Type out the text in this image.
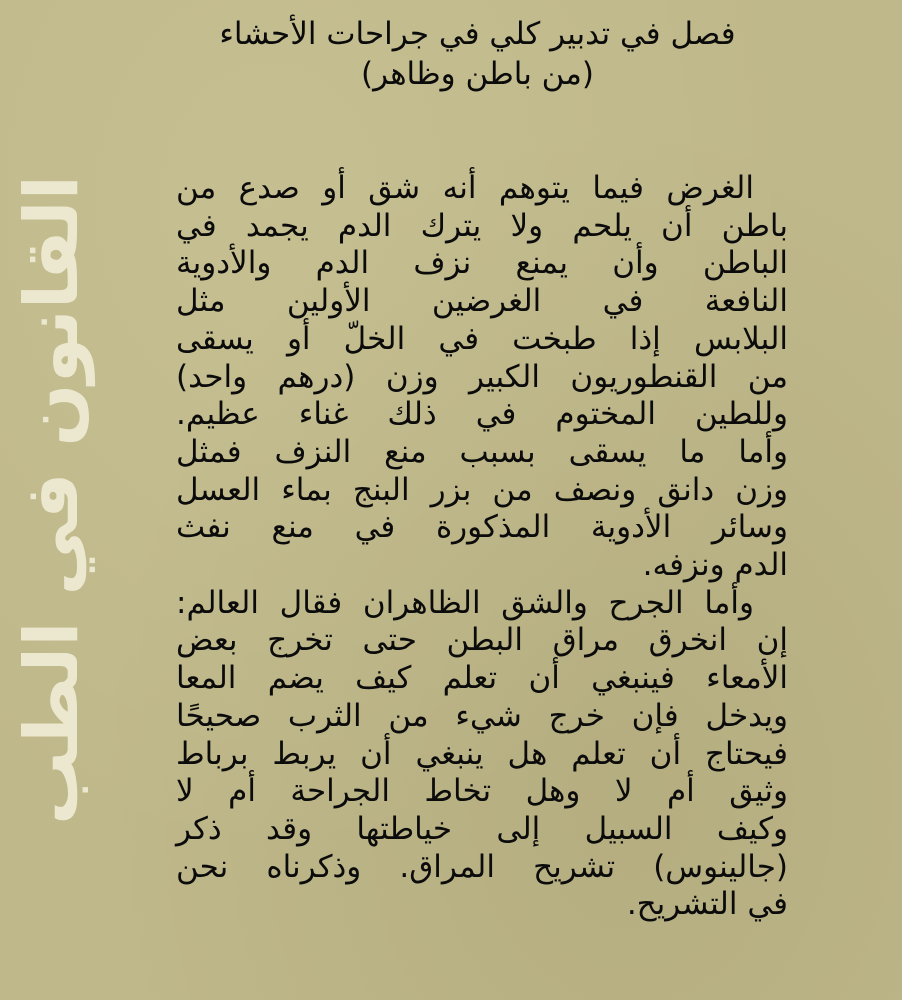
القانون في الطب
فصل في تدبير كلي في جراحات الأحشاء
(من باطن وظاهر)
الغرض فيما يتوهم أنه شق أو صدع من
باطن أن يلحم ولا يترك الدم يجمد في
الباطن وأن يمنع نزف الدم والأدوية
النافعة في الغرضين الأولين مثل
البلابس إذا طبخت في الخلّ أو يسقى
من القنطوريون الكبير وزن (درهم واحد)
وللطين المختوم في ذلك غناء عظيم.
وأما ما يسقى بسبب منع النزف فمثل
وزن دانق ونصف من بزر البنج بماء العسل
وسائر الأدوية المذكورة في منع نفث
الدم ونزفه.
وأما الجرح والشق الظاهران فقال العالم:
إن انخرق مراق البطن حتى تخرج بعض
الأمعاء فينبغي أن تعلم كيف يضم المعا
ويدخل فإن خرج شيء من الثرب صحيحًا
فيحتاج أن تعلم هل ينبغي أن يربط برباط
وثيق أم لا وهل تخاط الجراحة أم لا
وكيف السبيل إلى خياطتها وقد ذكر
(جالينوس) تشريح المراق. وذكرناه نحن
في التشريح.
